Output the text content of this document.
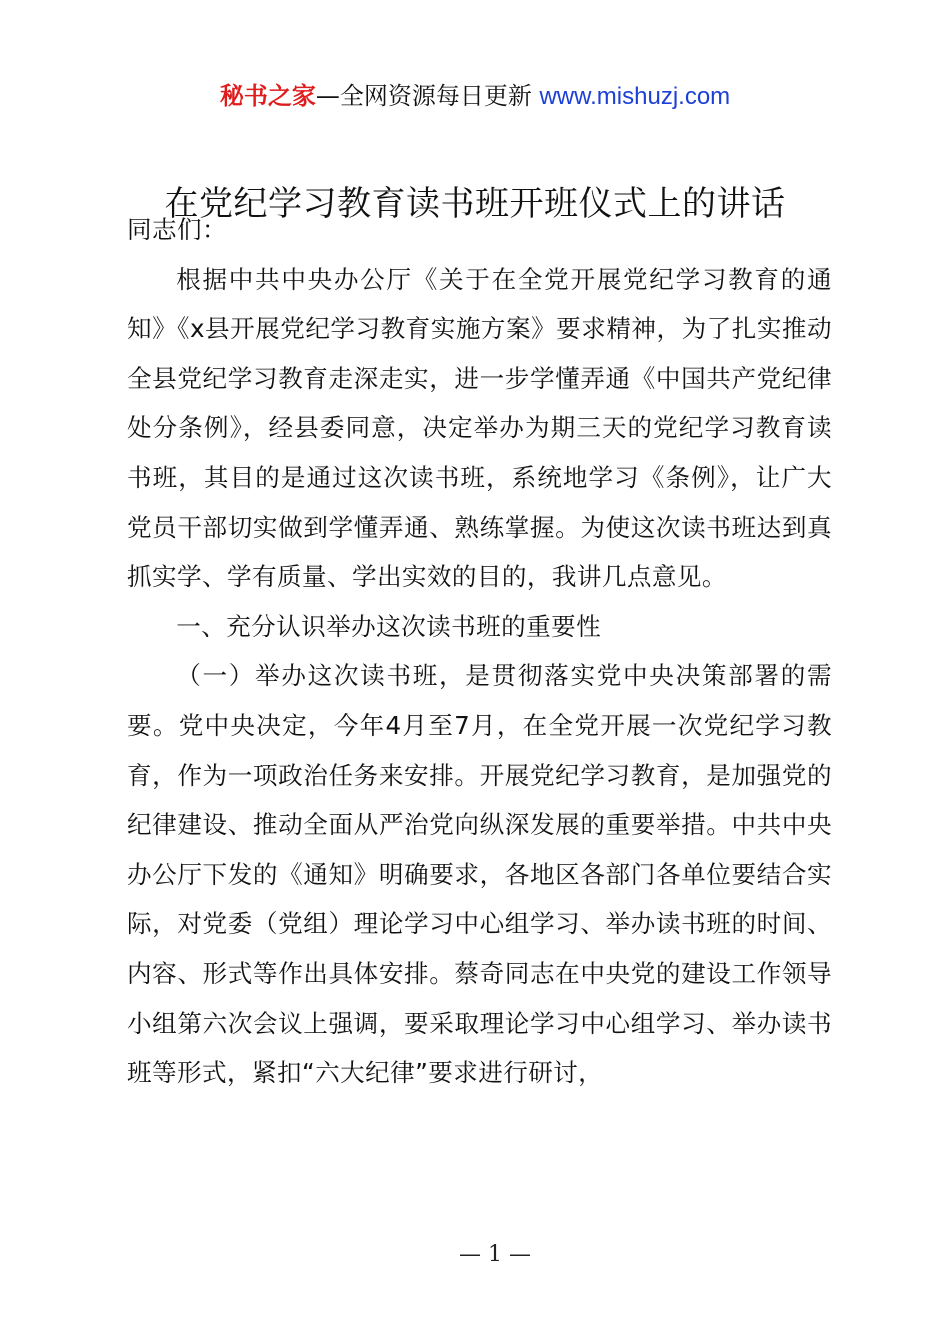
秘书之家—全网资源每日更新 www.mishuzj.com
在党纪学习教育读书班开班仪式上的讲话

同志们：

根据中共中央办公厅《关于在全党开展党纪学习教育的通知》《x县开展党纪学习教育实施方案》要求精神，为了扎实推动全县党纪学习教育走深走实，进一步学懂弄通《中国共产党纪律处分条例》，经县委同意，决定举办为期三天的党纪学习教育读书班，其目的是通过这次读书班，系统地学习《条例》，让广大党员干部切实做到学懂弄通、熟练掌握。为使这次读书班达到真抓实学、学有质量、学出实效的目的，我讲几点意见。

一、充分认识举办这次读书班的重要性

（一）举办这次读书班，是贯彻落实党中央决策部署的需要。党中央决定，今年4月至7月，在全党开展一次党纪学习教育，作为一项政治任务来安排。开展党纪学习教育，是加强党的纪律建设、推动全面从严治党向纵深发展的重要举措。中共中央办公厅下发的《通知》明确要求，各地区各部门各单位要结合实际，对党委（党组）理论学习中心组学习、举办读书班的时间、内容、形式等作出具体安排。蔡奇同志在中央党的建设工作领导小组第六次会议上强调，要采取理论学习中心组学习、举办读书班等形式，紧扣“六大纪律”要求进行研讨，

— 1 —
